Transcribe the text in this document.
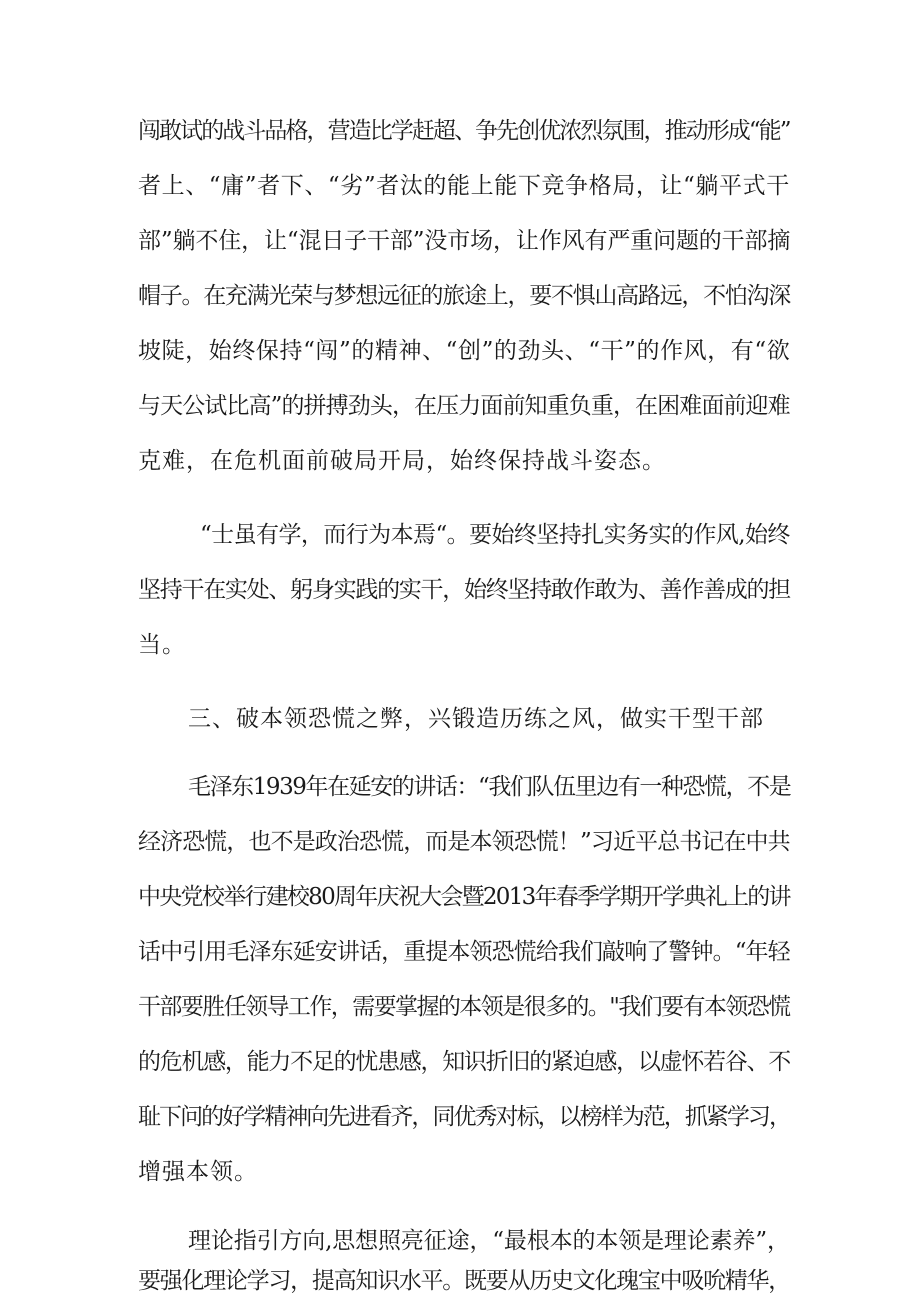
闯敢试的战斗品格，营造比学赶超、争先创优浓烈氛围，推动形成“能”
者上、“庸”者下、“劣”者汰的能上能下竞争格局，让“躺平式干
部”躺不住，让“混日子干部”没市场，让作风有严重问题的干部摘
帽子。在充满光荣与梦想远征的旅途上，要不惧山高路远，不怕沟深
坡陡，始终保持“闯”的精神、“创”的劲头、“干”的作风，有“欲
与天公试比高”的拼搏劲头，在压力面前知重负重，在困难面前迎难
克难，在危机面前破局开局，始终保持战斗姿态。
“士虽有学，而行为本焉“。要始终坚持扎实务实的作风,始终
坚持干在实处、躬身实践的实干，始终坚持敢作敢为、善作善成的担
当。
三、破本领恐慌之弊，兴锻造历练之风，做实干型干部
毛泽东1939年在延安的讲话：“我们队伍里边有一种恐慌，不是
经济恐慌，也不是政治恐慌，而是本领恐慌！”习近平总书记在中共
中央党校举行建校80周年庆祝大会暨2013年春季学期开学典礼上的讲
话中引用毛泽东延安讲话，重提本领恐慌给我们敲响了警钟。“年轻
干部要胜任领导工作，需要掌握的本领是很多的。"我们要有本领恐慌
的危机感，能力不足的忧患感，知识折旧的紧迫感，以虚怀若谷、不
耻下问的好学精神向先进看齐，同优秀对标，以榜样为范，抓紧学习，
增强本领。
理论指引方向,思想照亮征途，“最根本的本领是理论素养”，
要强化理论学习，提高知识水平。既要从历史文化瑰宝中吸吮精华，
